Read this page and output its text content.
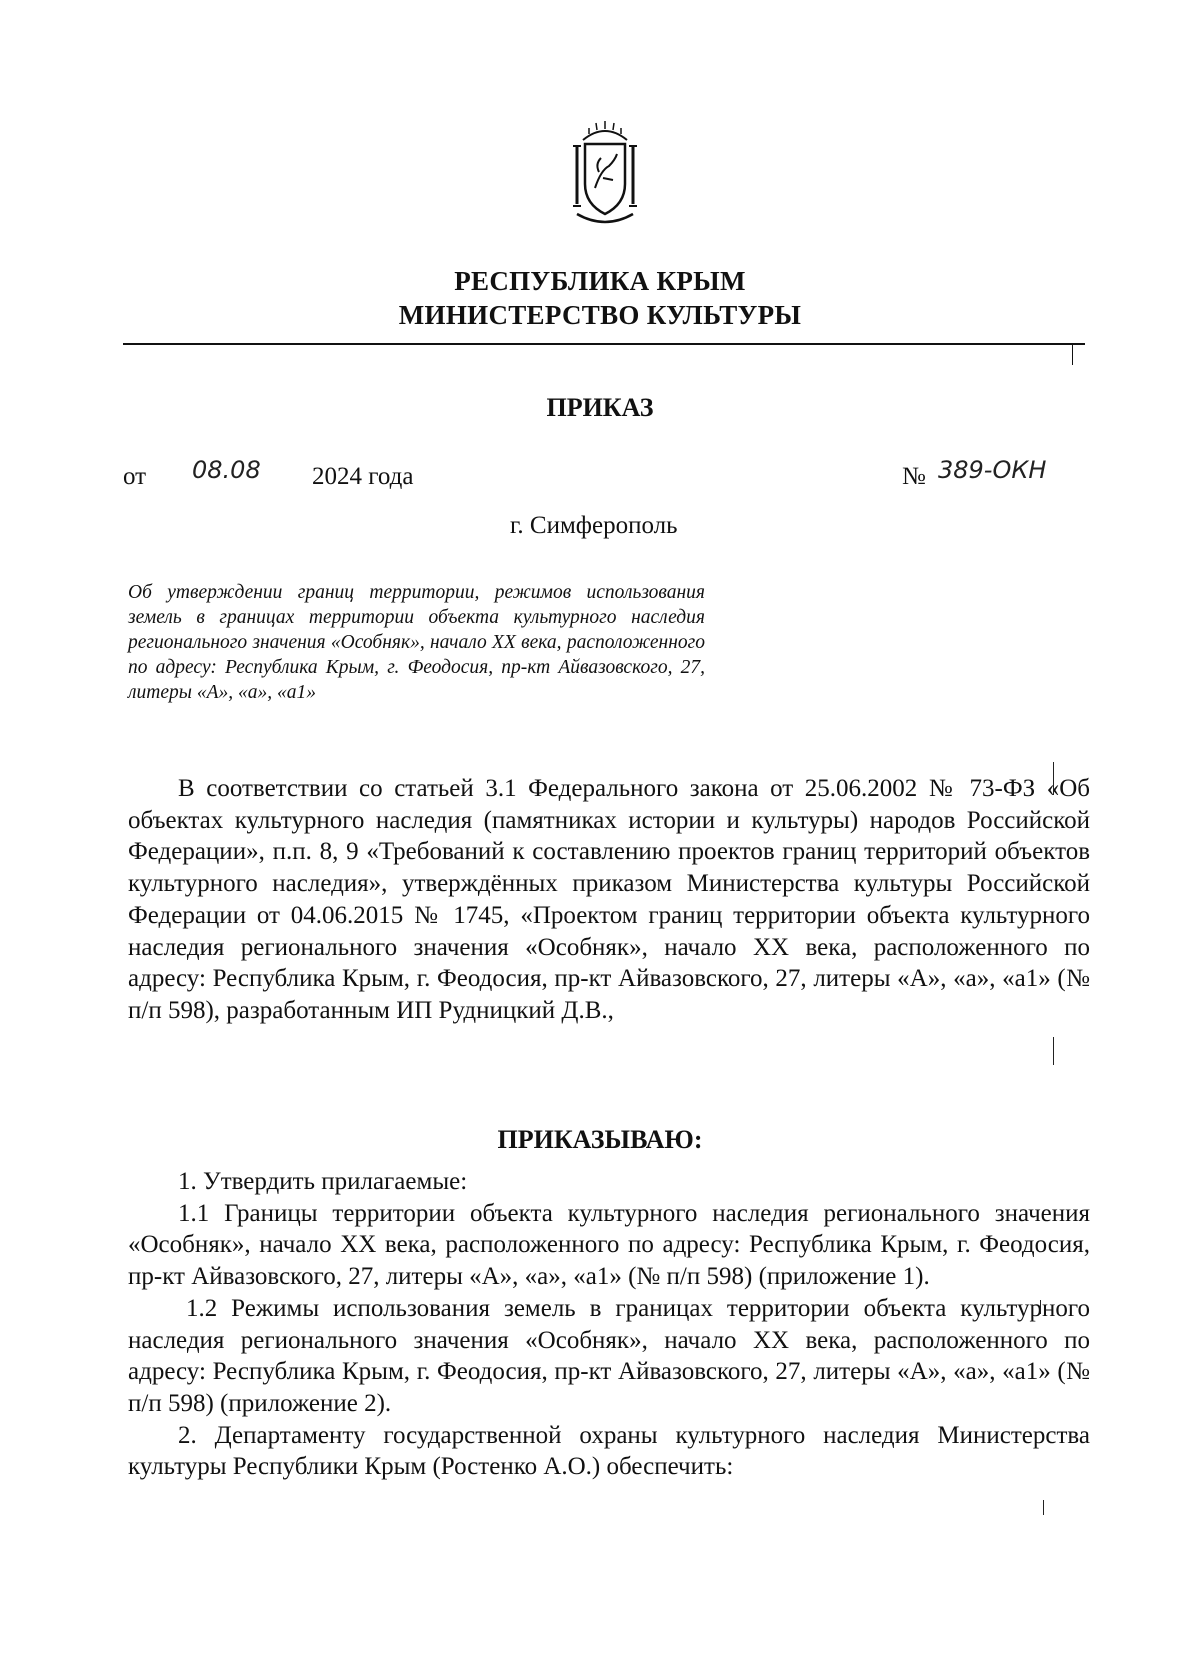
РЕСПУБЛИКА КРЫМ
МИНИСТЕРСТВО КУЛЬТУРЫ
ПРИКАЗ
от 08.08 2024 года	№ 389-ОКН
г. Симферополь
Об утверждении границ территории, режимов использования земель в границах территории объекта культурного наследия регионального значения «Особняк», начало XX века, расположенного по адресу: Республика Крым, г. Феодосия, пр-кт Айвазовского, 27, литеры «А», «а», «а1»

В соответствии со статьей 3.1 Федерального закона от 25.06.2002 № 73-ФЗ «Об объектах культурного наследия (памятниках истории и культуры) народов Российской Федерации», п.п. 8, 9 «Требований к составлению проектов границ территорий объектов культурного наследия», утверждённых приказом Министерства культуры Российской Федерации от 04.06.2015 № 1745, «Проектом границ территории объекта культурного наследия регионального значения «Особняк», начало XX века, расположенного по адресу: Республика Крым, г. Феодосия, пр-кт Айвазовского, 27, литеры «А», «а», «а1» (№ п/п 598), разработанным ИП Рудницкий Д.В.,

ПРИКАЗЫВАЮ:

1. Утвердить прилагаемые:

1.1 Границы территории объекта культурного наследия регионального значения «Особняк», начало XX века, расположенного по адресу: Республика Крым, г. Феодосия, пр-кт Айвазовского, 27, литеры «А», «а», «а1» (№ п/п 598) (приложение 1).

1.2 Режимы использования земель в границах территории объекта культурного наследия регионального значения «Особняк», начало XX века, расположенного по адресу: Республика Крым, г. Феодосия, пр-кт Айвазовского, 27, литеры «А», «а», «а1» (№ п/п 598) (приложение 2).

2. Департаменту государственной охраны культурного наследия Министерства культуры Республики Крым (Ростенко А.О.) обеспечить:
